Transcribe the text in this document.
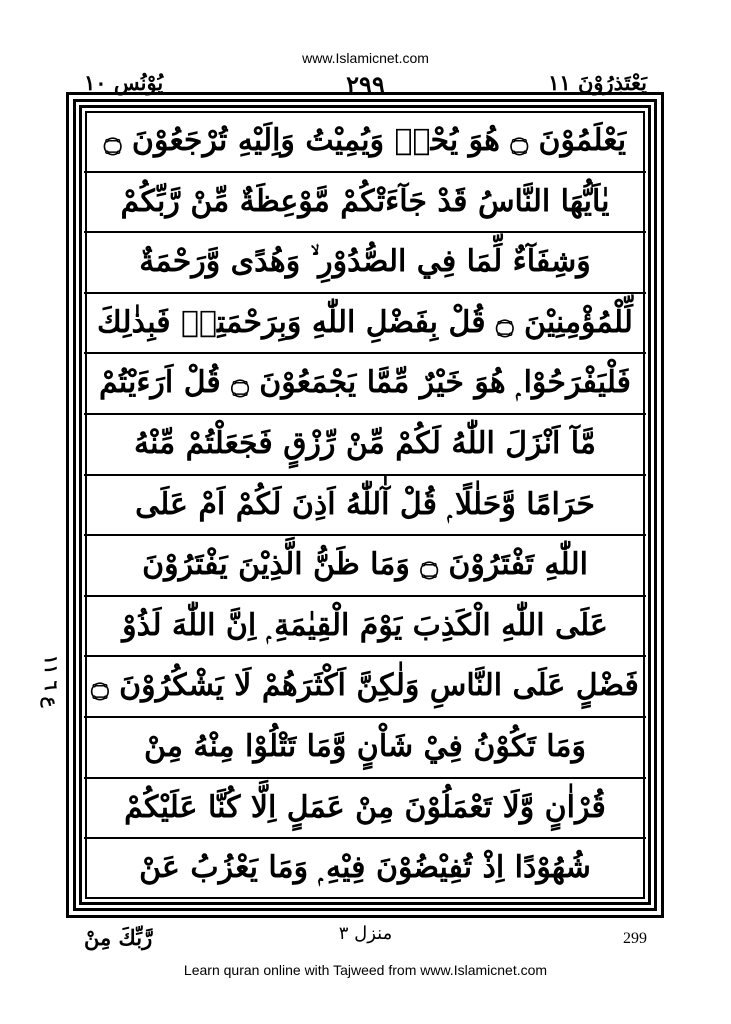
www.Islamicnet.com
يَعْتَذِرُوْنَ ١١
٢٩٩
يُوْنُس ١٠
يَعْلَمُوْنَ ۝ هُوَ يُحْيٖ وَيُمِيْتُ وَاِلَيْهِ تُرْجَعُوْنَ ۝
يٰاَيُّهَا النَّاسُ قَدْ جَآءَتْكُمْ مَّوْعِظَةٌ مِّنْ رَّبِّكُمْ
وَشِفَآءٌ لِّمَا فِي الصُّدُوْرِ ۙ وَهُدًى وَّرَحْمَةٌ
لِّلْمُؤْمِنِيْنَ ۝ قُلْ بِفَضْلِ اللّٰهِ وَبِرَحْمَتِهٖ فَبِذٰلِكَ
فَلْيَفْرَحُوْا ۭ هُوَ خَيْرٌ مِّمَّا يَجْمَعُوْنَ ۝ قُلْ اَرَءَيْتُمْ
مَّآ اَنْزَلَ اللّٰهُ لَكُمْ مِّنْ رِّزْقٍ فَجَعَلْتُمْ مِّنْهُ
حَرَامًا وَّحَلٰلًا ۭ قُلْ آٰللّٰهُ اَذِنَ لَكُمْ اَمْ عَلَى
اللّٰهِ تَفْتَرُوْنَ ۝ وَمَا ظَنُّ الَّذِيْنَ يَفْتَرُوْنَ
عَلَى اللّٰهِ الْكَذِبَ يَوْمَ الْقِيٰمَةِ ۭ اِنَّ اللّٰهَ لَذُوْ
فَضْلٍ عَلَى النَّاسِ وَلٰكِنَّ اَكْثَرَهُمْ لَا يَشْكُرُوْنَ ۝
وَمَا تَكُوْنُ فِيْ شَاْنٍ وَّمَا تَتْلُوْا مِنْهُ مِنْ
قُرْاٰنٍ وَّلَا تَعْمَلُوْنَ مِنْ عَمَلٍ اِلَّا كُنَّا عَلَيْكُمْ
شُهُوْدًا اِذْ تُفِيْضُوْنَ فِيْهِ ۭ وَمَا يَعْزُبُ عَنْ
ع ٦ ١١
رَّبِّكَ مِنْ	منزل ٣	299
Learn quran online with Tajweed from www.Islamicnet.com
